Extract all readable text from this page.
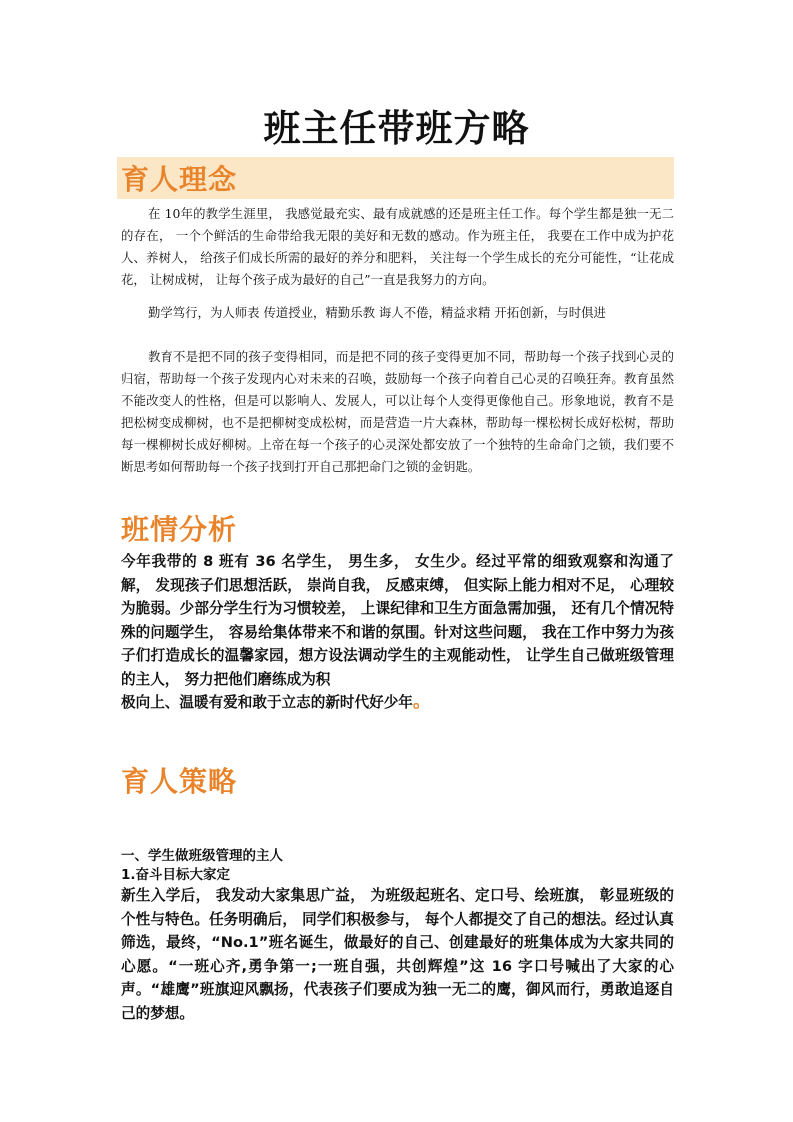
班主任带班方略
育人理念
在 10年的教学生涯里， 我感觉最充实、最有成就感的还是班主任工作。每个学生都是独一无二的存在， 一个个鲜活的生命带给我无限的美好和无数的感动。作为班主任， 我要在工作中成为护花人、养树人， 给孩子们成长所需的最好的养分和肥料， 关注每一个学生成长的充分可能性，“让花成花， 让树成树， 让每个孩子成为最好的自己”一直是我努力的方向。
勤学笃行，为人师表 传道授业，精勤乐教 诲人不倦，精益求精 开拓创新，与时俱进
教育不是把不同的孩子变得相同，而是把不同的孩子变得更加不同，帮助每一个孩子找到心灵的归宿，帮助每一个孩子发现内心对未来的召唤，鼓励每一个孩子向着自己心灵的召唤狂奔。教育虽然不能改变人的性格，但是可以影响人、发展人，可以让每个人变得更像他自己。形象地说，教育不是把松树变成柳树，也不是把柳树变成松树，而是营造一片大森林，帮助每一棵松树长成好松树，帮助每一棵柳树长成好柳树。上帝在每一个孩子的心灵深处都安放了一个独特的生命命门之锁，我们要不断思考如何帮助每一个孩子找到打开自己那把命门之锁的金钥匙。
班情分析
今年我带的 8 班有 36 名学生， 男生多， 女生少。经过平常的细致观察和沟通了解， 发现孩子们思想活跃， 崇尚自我， 反感束缚， 但实际上能力相对不足， 心理较为脆弱。少部分学生行为习惯较差， 上课纪律和卫生方面急需加强， 还有几个情况特殊的问题学生， 容易给集体带来不和谐的氛围。针对这些问题， 我在工作中努力为孩子们打造成长的温馨家园，想方设法调动学生的主观能动性， 让学生自己做班级管理的主人， 努力把他们磨练成为积
极向上、温暖有爱和敢于立志的新时代好少年。
育人策略
一、学生做班级管理的主人
1.奋斗目标大家定
新生入学后， 我发动大家集思广益， 为班级起班名、定口号、绘班旗， 彰显班级的个性与特色。任务明确后， 同学们积极参与， 每个人都提交了自己的想法。经过认真筛选，最终，“No.1”班名诞生，做最好的自己、创建最好的班集体成为大家共同的心愿。“一班心齐,勇争第一;一班自强，共创辉煌”这 16 字口号喊出了大家的心声。“雄鹰”班旗迎风飘扬，代表孩子们要成为独一无二的鹰，御风而行，勇敢追逐自己的梦想。
